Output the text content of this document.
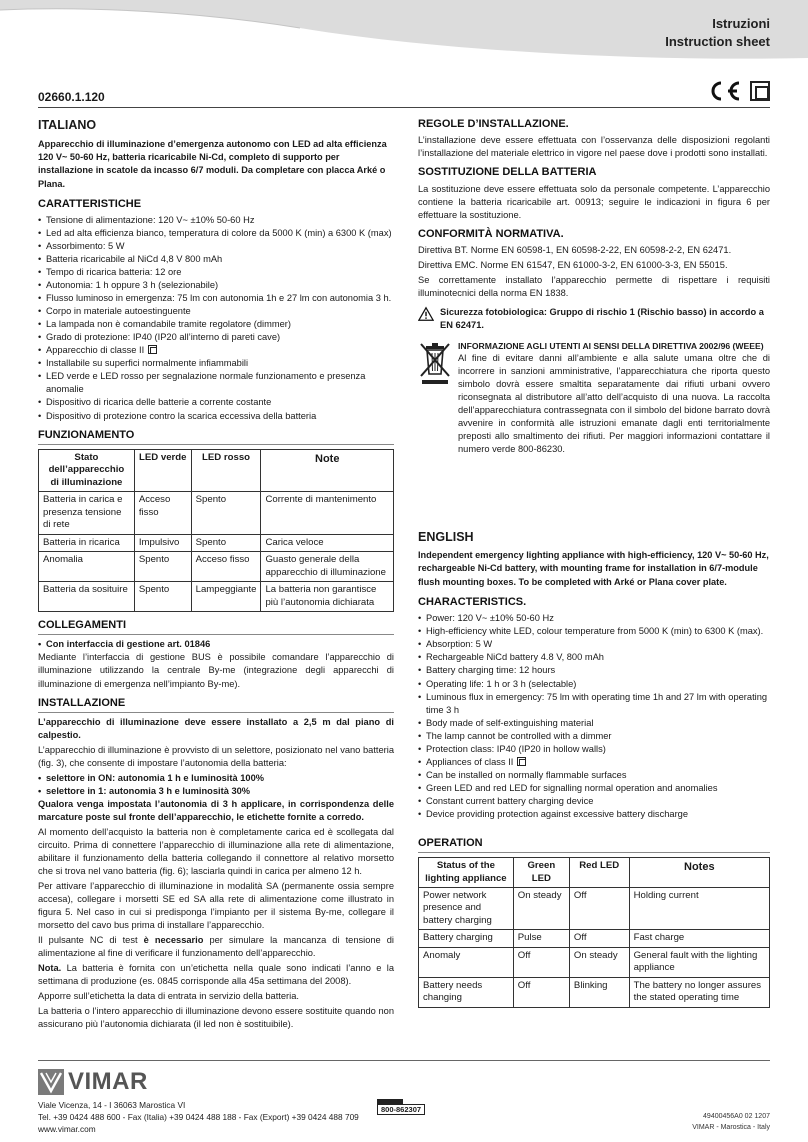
Istruzioni
Instruction sheet
02660.1.120
ITALIANO
Apparecchio di illuminazione d’emergenza autonomo con LED ad alta efficienza 120 V~ 50-60 Hz, batteria ricaricabile Ni-Cd, completo di supporto per installazione in scatole da incasso 6/7 moduli. Da completare con placca Arké o Plana.
CARATTERISTICHE
• Tensione di alimentazione: 120 V~ ±10% 50-60 Hz
• Led ad alta efficienza bianco, temperatura di colore da 5000 K (min) a 6300 K (max)
• Assorbimento: 5 W
• Batteria ricaricabile al NiCd 4,8 V 800 mAh
• Tempo di ricarica batteria: 12 ore
• Autonomia: 1 h oppure 3 h (selezionabile)
• Flusso luminoso in emergenza: 75 lm con autonomia 1h e 27 lm con autonomia 3 h.
• Corpo in materiale autoestinguente
• La lampada non è comandabile tramite regolatore (dimmer)
• Grado di protezione: IP40 (IP20 all’interno di pareti cave)
• Apparecchio di classe II
• Installabile su superfici normalmente infiammabili
• LED verde e LED rosso per segnalazione normale funzionamento e presenza anomalie
• Dispositivo di ricarica delle batterie a corrente costante
• Dispositivo di protezione contro la scarica eccessiva della batteria
FUNZIONAMENTO
Stato dell’apparecchio di illuminazione	LED verde	LED rosso	Note
Batteria in carica e presenza tensione di rete	Acceso fisso	Spento	Corrente di mantenimento
Batteria in ricarica	Impulsivo	Spento	Carica veloce
Anomalia	Spento	Acceso fisso	Guasto generale della apparecchio di illuminazione
Batteria da sosituire	Spento	Lampeggiante	La batteria non garantisce più l’autonomia dichiarata
COLLEGAMENTI
• Con interfaccia di gestione art. 01846

Mediante l’interfaccia di gestione BUS è possibile comandare l’apparecchio di illuminazione utilizzando la centrale By-me (integrazione degli apparecchi di illuminazione di emergenza nell’impianto By-me).

INSTALLAZIONE

L’apparecchio di illuminazione deve essere installato a 2,5 m dal piano di calpestio.

L’apparecchio di illuminazione è provvisto di un selettore, posizionato nel vano batteria (fig. 3), che consente di impostare l’autonomia della batteria:

• selettore in ON: autonomia 1 h e luminosità 100%
• selettore in 1: autonomia 3 h e luminosità 30%

Qualora venga impostata l’autonomia di 3 h applicare, in corrispondenza delle marcature poste sul fronte dell’apparecchio, le etichette fornite a corredo.

Al momento dell’acquisto la batteria non è completamente carica ed è scollegata dal circuito. Prima di connettere l’apparecchio di illuminazione alla rete di alimentazione, abilitare il funzionamento della batteria collegando il connettore al relativo morsetto che si trova nel vano batteria (fig. 6); lasciarla quindi in carica per almeno 12 h.

Per attivare l’apparecchio di illuminazione in modalità SA (permanente ossia sempre accesa), collegare i morsetti SE ed SA alla rete di alimentazione come illustrato in figura 5. Nel caso in cui si predisponga l’impianto per il sistema By-me, collegare il morsetto del cavo bus prima di installare l’apparecchio.

Il pulsante NC di test è necessario per simulare la mancanza di tensione di alimentazione al fine di verificare il funzionamento dell’apparecchio.

Nota. La batteria è fornita con un’etichetta nella quale sono indicati l’anno e la settimana di produzione (es. 0845 corrisponde alla 45a settimana del 2008).

Apporre sull’etichetta la data di entrata in servizio della batteria.

La batteria o l’intero apparecchio di illuminazione devono essere sostituite quando non assicurano più l’autonomia dichiarata (il led non è sostituibile).

REGOLE D’INSTALLAZIONE.

L’installazione deve essere effettuata con l’osservanza delle disposizioni regolanti l’installazione del materiale elettrico in vigore nel paese dove i prodotti sono installati.

SOSTITUZIONE DELLA BATTERIA

La sostituzione deve essere effettuata solo da personale competente. L’apparecchio contiene la batteria ricaricabile art. 00913; seguire le indicazioni in figura 6 per effettuare la sostituzione.

CONFORMITÀ NORMATIVA.

Direttiva BT. Norme EN 60598-1, EN 60598-2-22, EN 60598-2-2, EN 62471.

Direttiva EMC. Norme EN 61547, EN 61000-3-2, EN 61000-3-3, EN 55015.

Se correttamente installato l’apparecchio permette di rispettare i requisiti illuminotecnici della norma EN 1838.

Sicurezza fotobiologica: Gruppo di rischio 1 (Rischio basso) in accordo a EN 62471.
INFORMAZIONE AGLI UTENTI AI SENSI DELLA DIRETTIVA 2002/96 (WEEE)

Al fine di evitare danni all’ambiente e alla salute umana oltre che di incorrere in sanzioni amministrative, l’apparecchiatura che riporta questo simbolo dovrà essere smaltita separatamente dai rifiuti urbani ovvero riconsegnata al distributore all’atto dell’acquisto di una nuova. La raccolta dell’apparecchiatura contrassegnata con il simbolo del bidone barrato dovrà avvenire in conformità alle istruzioni emanate dagli enti territorialmente preposti allo smaltimento dei rifiuti. Per maggiori informazioni contattare il numero verde 800-86230.

ENGLISH
Independent emergency lighting appliance with high-efficiency, 120 V~ 50-60 Hz, rechargeable Ni-Cd battery, with mounting frame for installation in 6/7-module flush mounting boxes. To be completed with Arké or Plana cover plate.
CHARACTERISTICS.
• Power: 120 V~ ±10% 50-60 Hz
• High-efficiency white LED, colour temperature from 5000 K (min) to 6300 K (max).
• Absorption: 5 W
• Rechargeable NiCd battery 4.8 V, 800 mAh
• Battery charging time: 12 hours
• Operating life: 1 h or 3 h (selectable)
• Luminous flux in emergency: 75 lm with operating time 1h and 27 lm with operating time 3 h
• Body made of self-extinguishing material
• The lamp cannot be controlled with a dimmer
• Protection class: IP40 (IP20 in hollow walls)
• Appliances of class II
• Can be installed on normally flammable surfaces
• Green LED and red LED for signalling normal operation and anomalies
• Constant current battery charging device
• Device providing protection against excessive battery discharge
OPERATION
Status of the lighting appliance	Green LED	Red LED	Notes
Power network presence and battery charging	On steady	Off	Holding current
Battery charging	Pulse	Off	Fast charge
Anomaly	Off	On steady	General fault with the lighting appliance
Battery needs changing	Off	Blinking	The battery no longer assures the stated operating time
VIMAR
Viale Vicenza, 14 - I 36063 Marostica VI
Tel. +39 0424 488 600 - Fax (Italia) +39 0424 488 188 - Fax (Export) +39 0424 488 709
www.vimar.com
800-862307
49400456A0 02 1207
VIMAR - Marostica - Italy
